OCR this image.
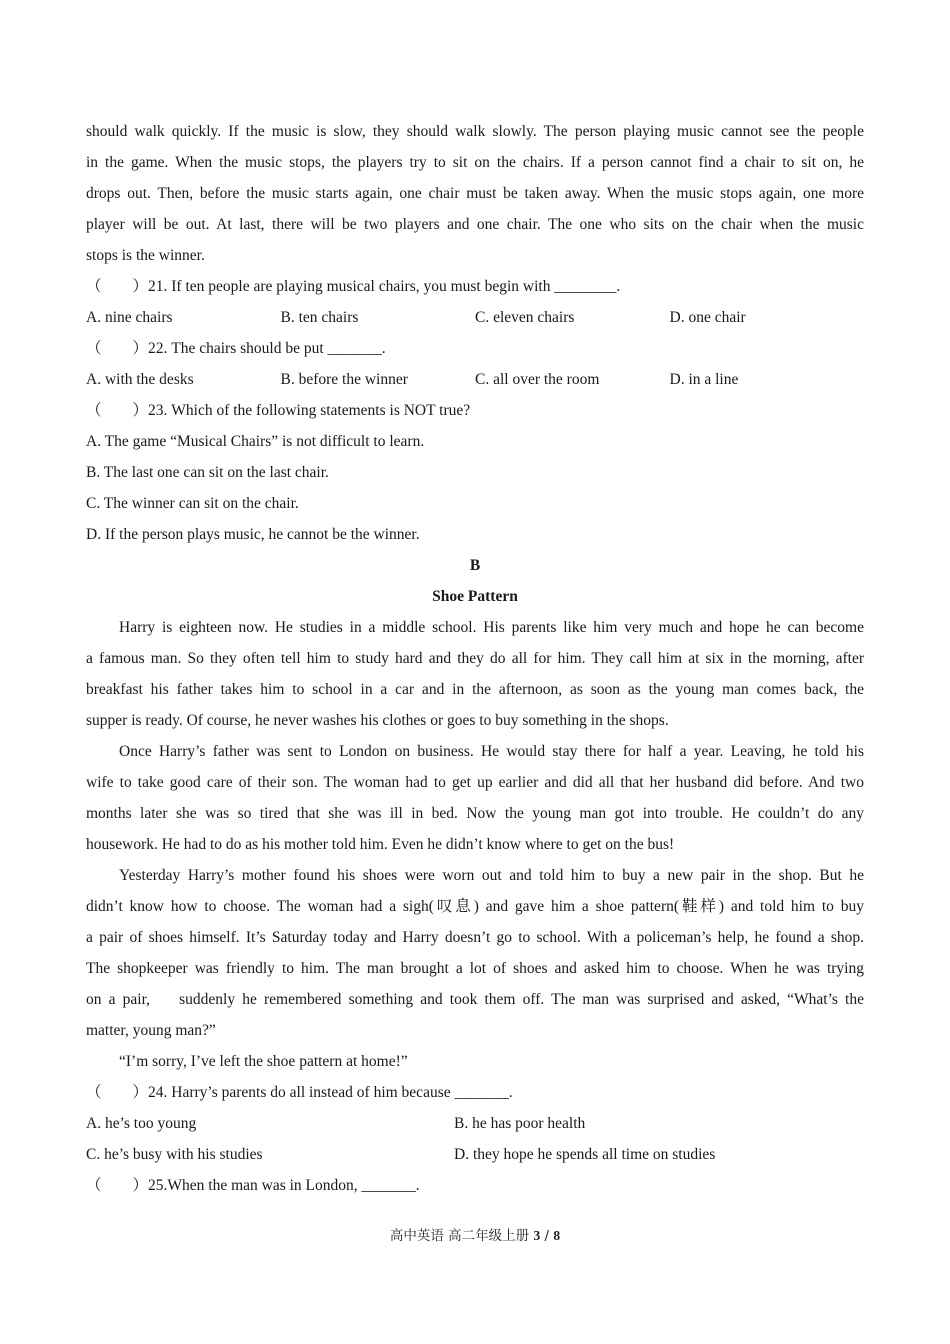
should walk quickly. If the music is slow, they should walk slowly. The person playing music cannot see the people
in the game. When the music stops, the players try to sit on the chairs. If a person cannot find a chair to sit on, he
drops out. Then, before the music starts again, one chair must be taken away. When the music stops again, one more
player will be out. At last, there will be two players and one chair. The one who sits on the chair when the music
stops is the winner.
（　　）21. If ten people are playing musical chairs, you must begin with ________.
A. nine chairs	B. ten chairs	C. eleven chairs	D. one chair
（　　）22. The chairs should be put _______.
A. with the desks	B. before the winner	C. all over the room	D. in a line
（　　）23. Which of the following statements is NOT true?
A. The game “Musical Chairs” is not difficult to learn.
B. The last one can sit on the last chair.
C. The winner can sit on the chair.
D. If the person plays music, he cannot be the winner.
B
Shoe Pattern
Harry is eighteen now. He studies in a middle school. His parents like him very much and hope he can become
a famous man. So they often tell him to study hard and they do all for him. They call him at six in the morning, after
breakfast his father takes him to school in a car and in the afternoon, as soon as the young man comes back, the
supper is ready. Of course, he never washes his clothes or goes to buy something in the shops.
Once Harry’s father was sent to London on business. He would stay there for half a year. Leaving, he told his
wife to take good care of their son. The woman had to get up earlier and did all that her husband did before. And two
months later she was so tired that she was ill in bed. Now the young man got into trouble. He couldn’t do any
housework. He had to do as his mother told him. Even he didn’t know where to get on the bus!
Yesterday Harry’s mother found his shoes were worn out and told him to buy a new pair in the shop. But he
didn’t know how to choose. The woman had a sigh(叹息) and gave him a shoe pattern(鞋样) and told him to buy
a pair of shoes himself. It’s Saturday today and Harry doesn’t go to school. With a policeman’s help, he found a shop.
The shopkeeper was friendly to him. The man brought a lot of shoes and asked him to choose. When he was trying
on a pair,　 suddenly he remembered something and took them off. The man was surprised and asked, “What’s the
matter, young man?”
“I’m sorry, I’ve left the shoe pattern at home!”
（　　）24. Harry’s parents do all instead of him because _______.
A. he’s too young	B. he has poor health
C. he’s busy with his studies	D. they hope he spends all time on studies
（　　）25.When the man was in London, _______.
高中英语 高二年级上册 3 / 8
